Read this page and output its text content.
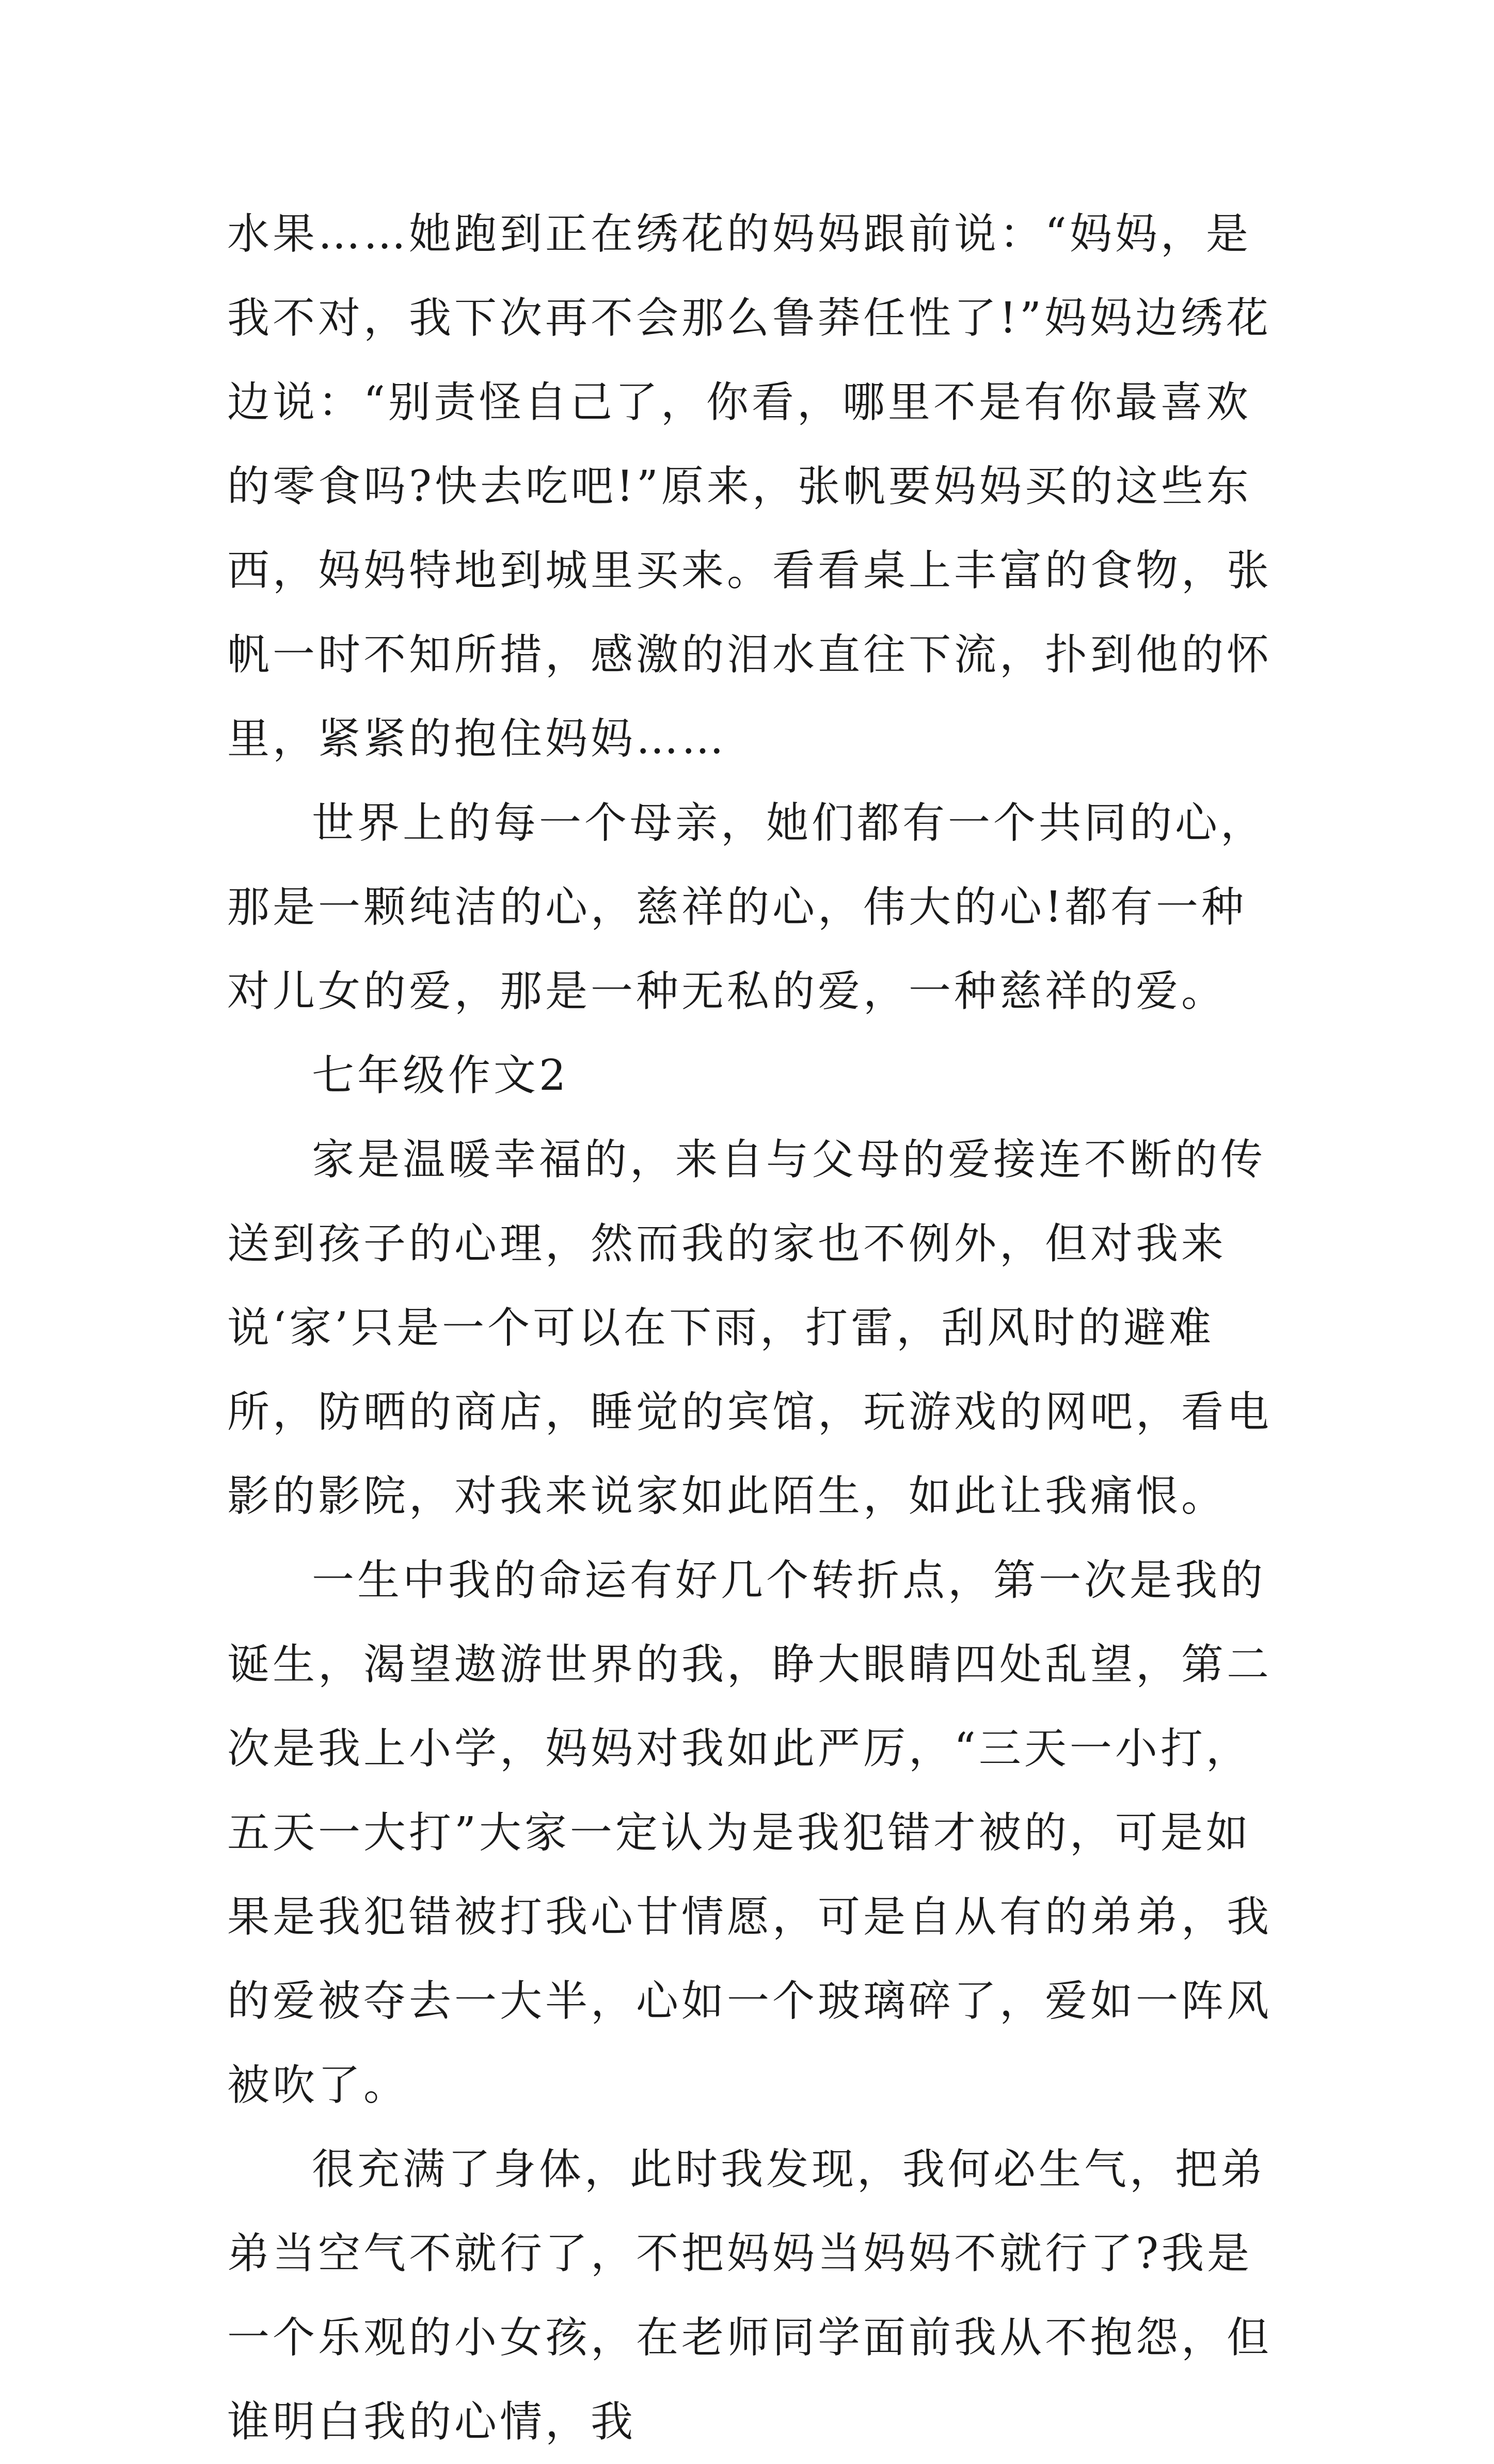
水果……她跑到正在绣花的妈妈跟前说：“妈妈，是我不对，我下次再不会那么鲁莽任性了!”妈妈边绣花边说：“别责怪自己了，你看，哪里不是有你最喜欢的零食吗?快去吃吧!”原来，张帆要妈妈买的这些东西，妈妈特地到城里买来。看看桌上丰富的食物，张帆一时不知所措，感激的泪水直往下流，扑到他的怀里，紧紧的抱住妈妈……

世界上的每一个母亲，她们都有一个共同的心，那是一颗纯洁的心，慈祥的心，伟大的心!都有一种对儿女的爱，那是一种无私的爱，一种慈祥的爱。

七年级作文2

家是温暖幸福的，来自与父母的爱接连不断的传送到孩子的心理，然而我的家也不例外，但对我来说‘家’只是一个可以在下雨，打雷，刮风时的避难所，防晒的商店，睡觉的宾馆，玩游戏的网吧，看电影的影院，对我来说家如此陌生，如此让我痛恨。

一生中我的命运有好几个转折点，第一次是我的诞生，渴望遨游世界的我，睁大眼睛四处乱望，第二次是我上小学，妈妈对我如此严厉，“三天一小打，五天一大打”大家一定认为是我犯错才被的，可是如果是我犯错被打我心甘情愿，可是自从有的弟弟，我的爱被夺去一大半，心如一个玻璃碎了，爱如一阵风被吹了。

很充满了身体，此时我发现，我何必生气，把弟弟当空气不就行了，不把妈妈当妈妈不就行了?我是一个乐观的小女孩，在老师同学面前我从不抱怨，但谁明白我的心情，我
